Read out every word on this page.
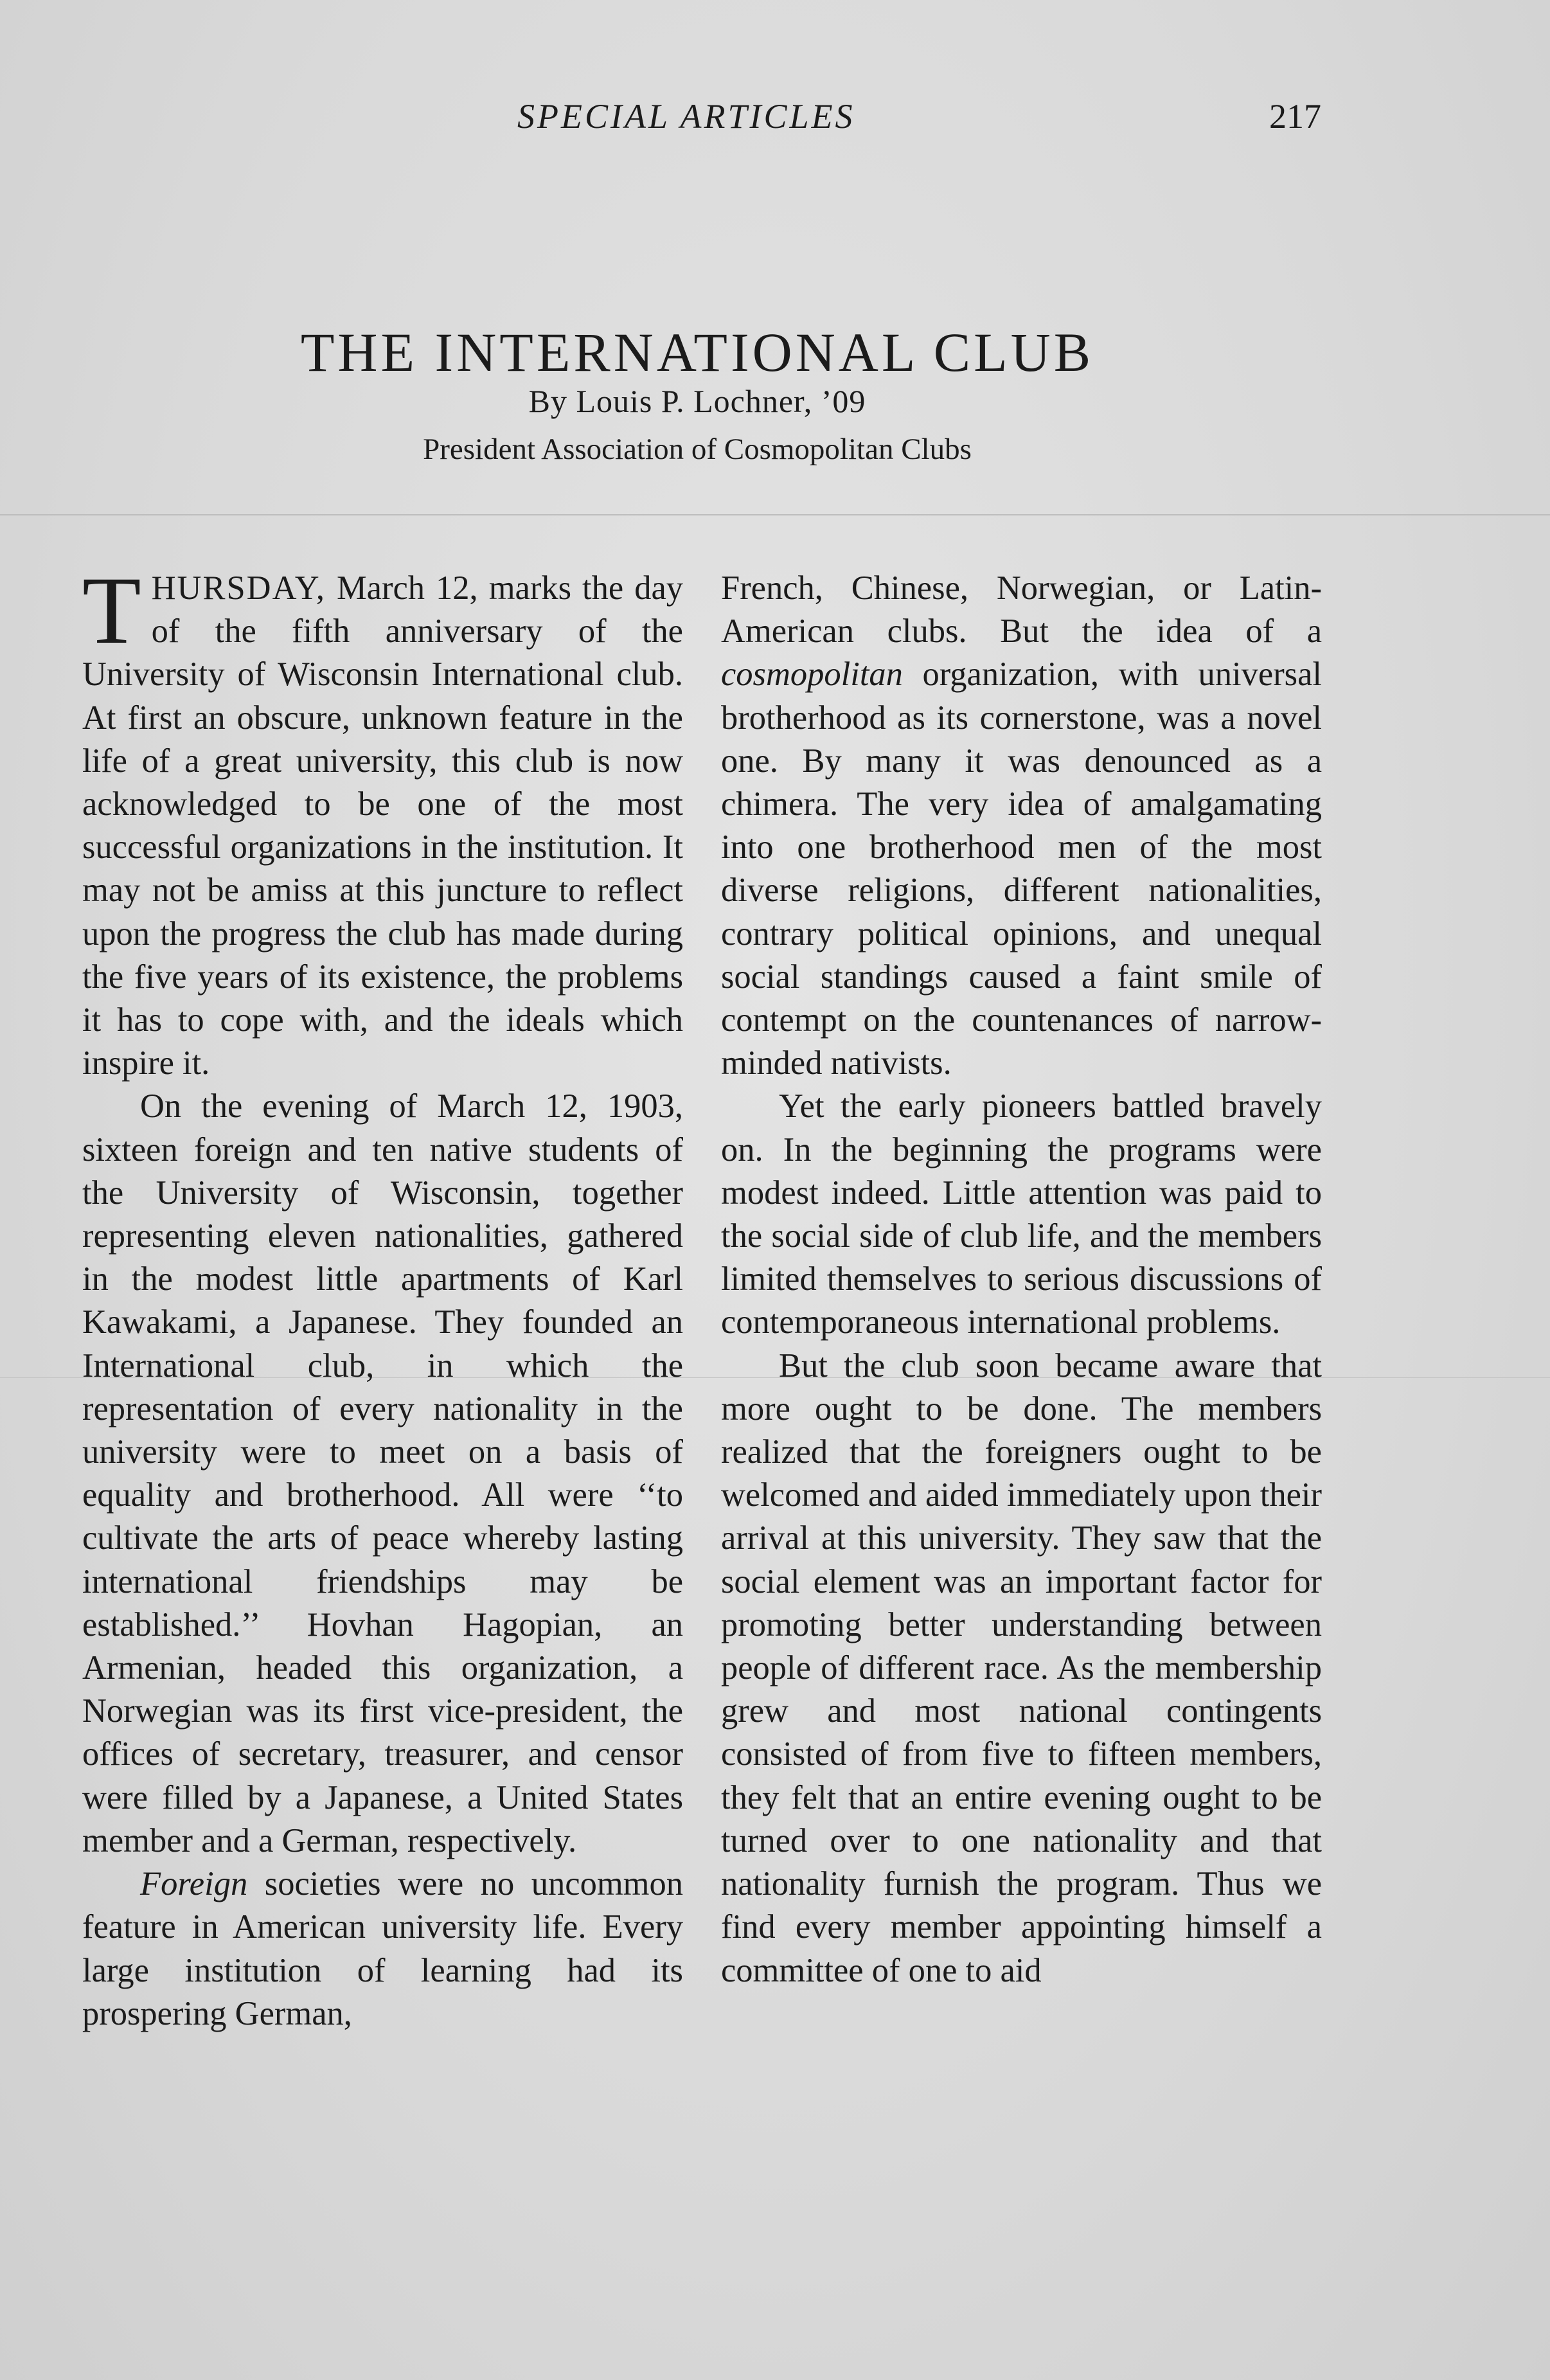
SPECIAL ARTICLES	217
THE INTERNATIONAL CLUB
By Louis P. Lochner, ’09
President Association of Cosmopolitan Clubs

THURSDAY, March 12, marks the day of the fifth anniversary of the University of Wisconsin International club. At first an obscure, unknown feature in the life of a great university, this club is now acknowledged to be one of the most successful organizations in the institution. It may not be amiss at this juncture to reflect upon the progress the club has made during the five years of its existence, the problems it has to cope with, and the ideals which inspire it.

On the evening of March 12, 1903, sixteen foreign and ten native students of the University of Wisconsin, together representing eleven nationalities, gathered in the modest little apartments of Karl Kawakami, a Japanese. They founded an International club, in which the representation of every nationality in the university were to meet on a basis of equality and brotherhood. All were ‘‘to cultivate the arts of peace whereby lasting international friendships may be established.’’ Hovhan Hagopian, an Armenian, headed this organization, a Norwegian was its first vice-president, the offices of secretary, treasurer, and censor were filled by a Japanese, a United States member and a German, respectively.

Foreign societies were no uncommon feature in American university life. Every large institution of learning had its prospering German,

French, Chinese, Norwegian, or Latin-American clubs. But the idea of a cosmopolitan organization, with universal brotherhood as its cornerstone, was a novel one. By many it was denounced as a chimera. The very idea of amalgamating into one brotherhood men of the most diverse religions, different nationalities, contrary political opinions, and unequal social standings caused a faint smile of contempt on the countenances of narrow-minded nativists.

Yet the early pioneers battled bravely on. In the beginning the programs were modest indeed. Little attention was paid to the social side of club life, and the members limited themselves to serious discussions of contemporaneous international problems.

But the club soon became aware that more ought to be done. The members realized that the foreigners ought to be welcomed and aided immediately upon their arrival at this university. They saw that the social element was an important factor for promoting better understanding between people of different race. As the membership grew and most national contingents consisted of from five to fifteen members, they felt that an entire evening ought to be turned over to one nationality and that nationality furnish the program. Thus we find every member appointing himself a committee of one to aid
